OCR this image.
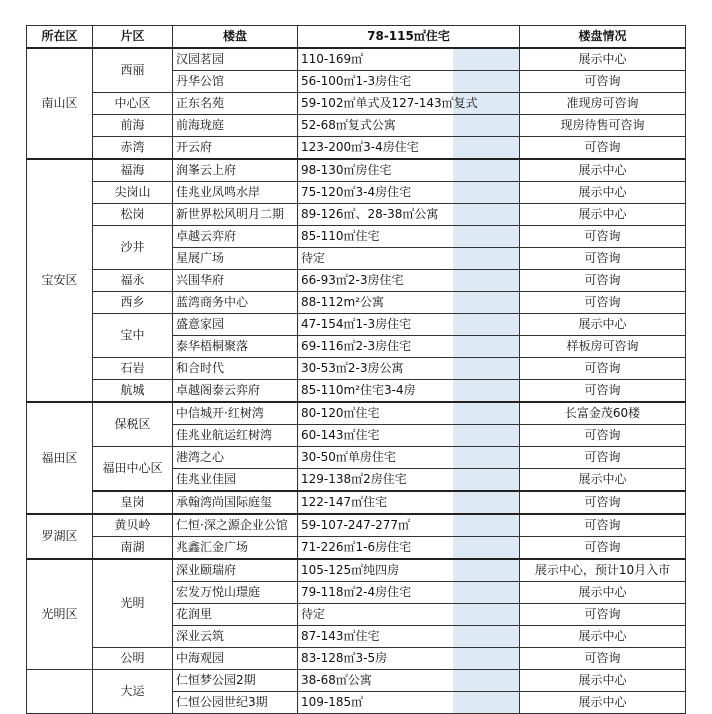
所在区	片区	楼盘	78-115㎡住宅	楼盘情况
南山区	西丽	汉园茗园	110-169㎡	展示中心
		丹华公馆	56-100㎡1-3房住宅	可咨询
	中心区	正东名苑	59-102㎡单式及127-143㎡复式	准现房可咨询
	前海	前海珑庭	52-68㎡复式公寓	现房待售可咨询
	赤湾	开云府	123-200㎡3-4房住宅	可咨询
宝安区	福海	润峯云上府	98-130㎡房住宅	展示中心
	尖岗山	佳兆业凤鸣水岸	75-120㎡3-4房住宅	展示中心
	松岗	新世界松风明月二期	89-126㎡、28-38㎡公寓	展示中心
	沙井	卓越云弈府	85-110㎡住宅	可咨询
		星展广场	待定	可咨询
	福永	兴围华府	66-93㎡2-3房住宅	可咨询
	西乡	蓝湾商务中心	88-112m²公寓	可咨询
	宝中	盛意家园	47-154㎡1-3房住宅	展示中心
		泰华梧桐聚落	69-116㎡2-3房住宅	样板房可咨询
	石岩	和合时代	30-53㎡2-3房公寓	可咨询
	航城	卓越阁泰云弈府	85-110m²住宅3-4房	可咨询
福田区	保税区	中信城开·红树湾	80-120㎡住宅	长富金茂60楼
		佳兆业航运红树湾	60-143㎡住宅	可咨询
	福田中心区	港湾之心	30-50㎡单房住宅	可咨询
		佳兆业佳园	129-138㎡2房住宅	展示中心
	皇岗	承翰湾尚国际庭玺	122-147㎡住宅	可咨询
罗湖区	黄贝岭	仁恒·深之源企业公馆	59-107-247-277㎡	可咨询
	南湖	兆鑫汇金广场	71-226㎡1-6房住宅	可咨询
光明区	光明	深业颐瑞府	105-125㎡纯四房	展示中心，预计10月入市
		宏发万悦山璟庭	79-118㎡2-4房住宅	展示中心
		花润里	待定	可咨询
		深业云筑	87-143㎡住宅	展示中心
	公明	中海观园	83-128㎡3-5房	可咨询
	大运	仁恒梦公园2期	38-68㎡公寓	展示中心
		仁恒公园世纪3期	109-185㎡	展示中心
